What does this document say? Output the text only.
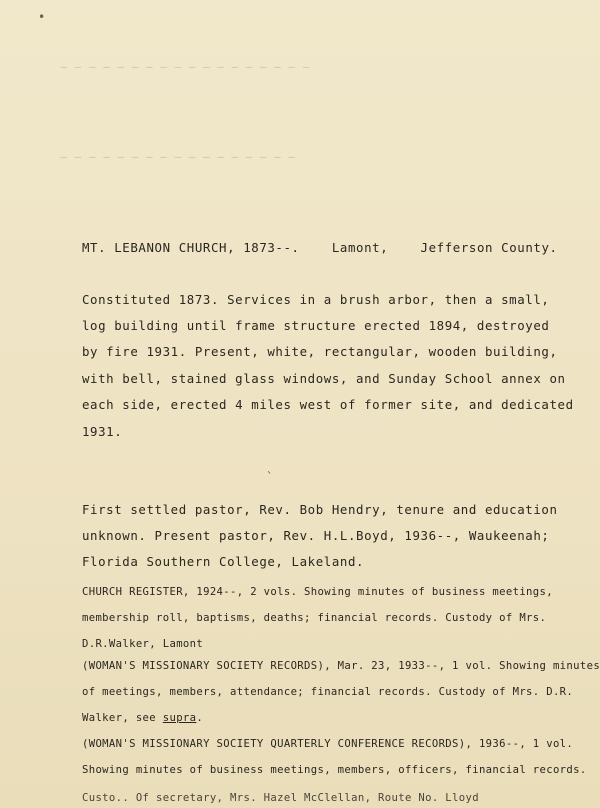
— — — — — — — — — — — — — — — — — —
— — — — — — — — — — — — — — — — —
•
MT. LEBANON CHURCH, 1873--.	Lamont,	Jefferson County.
Constituted 1873. Services in a brush arbor, then a small,
log building until frame structure erected 1894, destroyed
by fire 1931. Present, white, rectangular, wooden building,
with bell, stained glass windows, and Sunday School annex on
each side, erected 4 miles west of former site, and dedicated
1931.
`
First settled pastor, Rev. Bob Hendry, tenure and education
unknown. Present pastor, Rev. H.L.Boyd, 1936--, Waukeenah;
Florida Southern College, Lakeland.
CHURCH REGISTER, 1924--, 2 vols. Showing minutes of business meetings,
membership roll, baptisms, deaths; financial records. Custody of Mrs.
D.R.Walker, Lamont
(WOMAN'S MISSIONARY SOCIETY RECORDS), Mar. 23, 1933--, 1 vol. Showing minutes
of meetings, members, attendance; financial records. Custody of Mrs. D.R.
Walker, see supra.
(WOMAN'S MISSIONARY SOCIETY QUARTERLY CONFERENCE RECORDS), 1936--, 1 vol.
Showing minutes of business meetings, members, officers, financial records.
Custo.. Of secretary, Mrs. Hazel McClellan, Route No. Lloyd
